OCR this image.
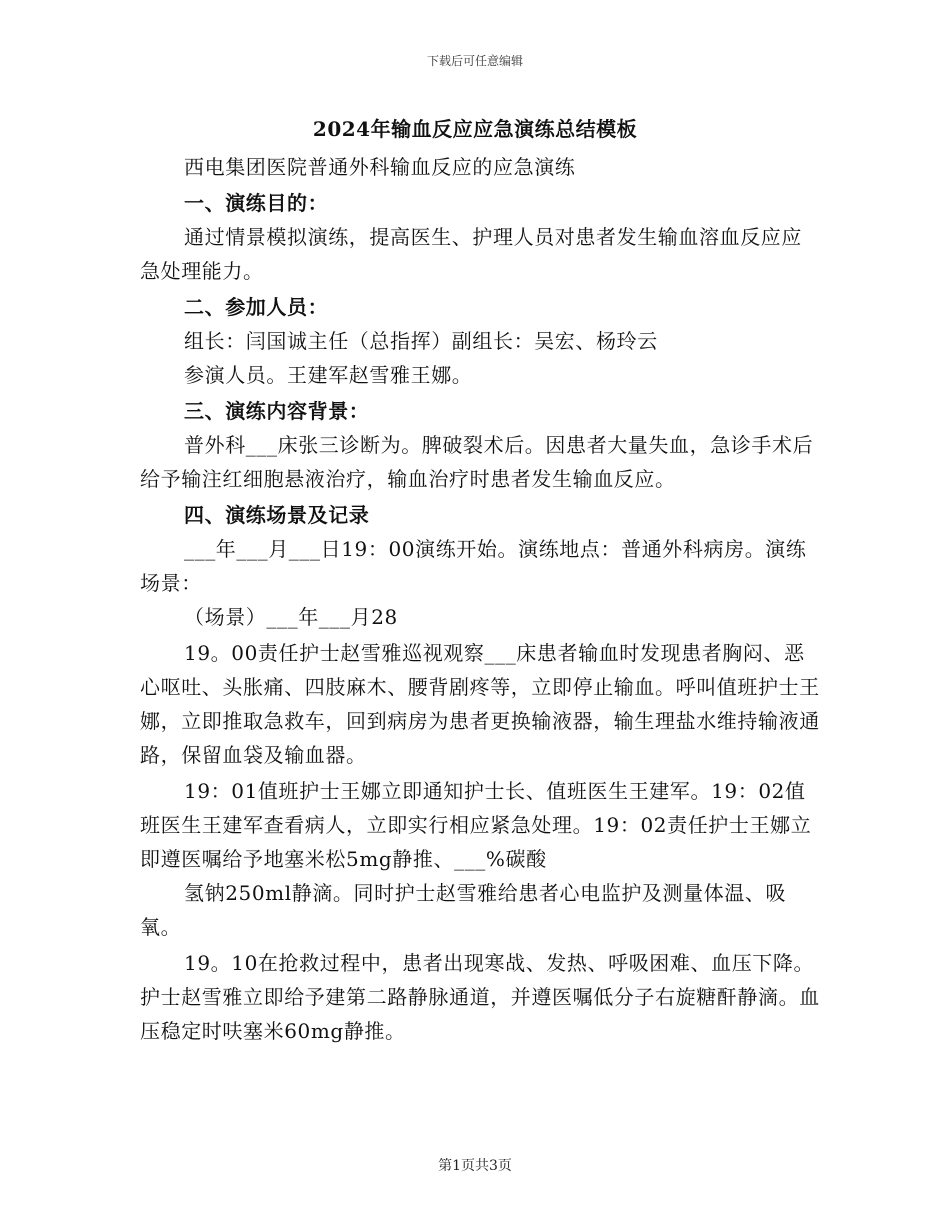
下载后可任意编辑
2024年输血反应应急演练总结模板

西电集团医院普通外科输血反应的应急演练

一、演练目的：

通过情景模拟演练，提高医生、护理人员对患者发生输血溶血反应应急处理能力。

二、参加人员：

组长：闫国诚主任（总指挥）副组长：吴宏、杨玲云

参演人员。王建军赵雪雅王娜。

三、演练内容背景：

普外科___床张三诊断为。脾破裂术后。因患者大量失血，急诊手术后给予输注红细胞悬液治疗，输血治疗时患者发生输血反应。

四、演练场景及记录

___年___月___日19：00演练开始。演练地点：普通外科病房。演练场景：

（场景）___年___月28

19。00责任护士赵雪雅巡视观察___床患者输血时发现患者胸闷、恶心呕吐、头胀痛、四肢麻木、腰背剧疼等，立即停止输血。呼叫值班护士王娜，立即推取急救车，回到病房为患者更换输液器，输生理盐水维持输液通路，保留血袋及输血器。

19：01值班护士王娜立即通知护士长、值班医生王建军。19：02值班医生王建军查看病人，立即实行相应紧急处理。19：02责任护士王娜立即遵医嘱给予地塞米松5mg静推、___%碳酸

氢钠250ml静滴。同时护士赵雪雅给患者心电监护及测量体温、吸氧。

19。10在抢救过程中，患者出现寒战、发热、呼吸困难、血压下降。护士赵雪雅立即给予建第二路静脉通道，并遵医嘱低分子右旋糖酐静滴。血压稳定时呋塞米60mg静推。

第1页共3页
